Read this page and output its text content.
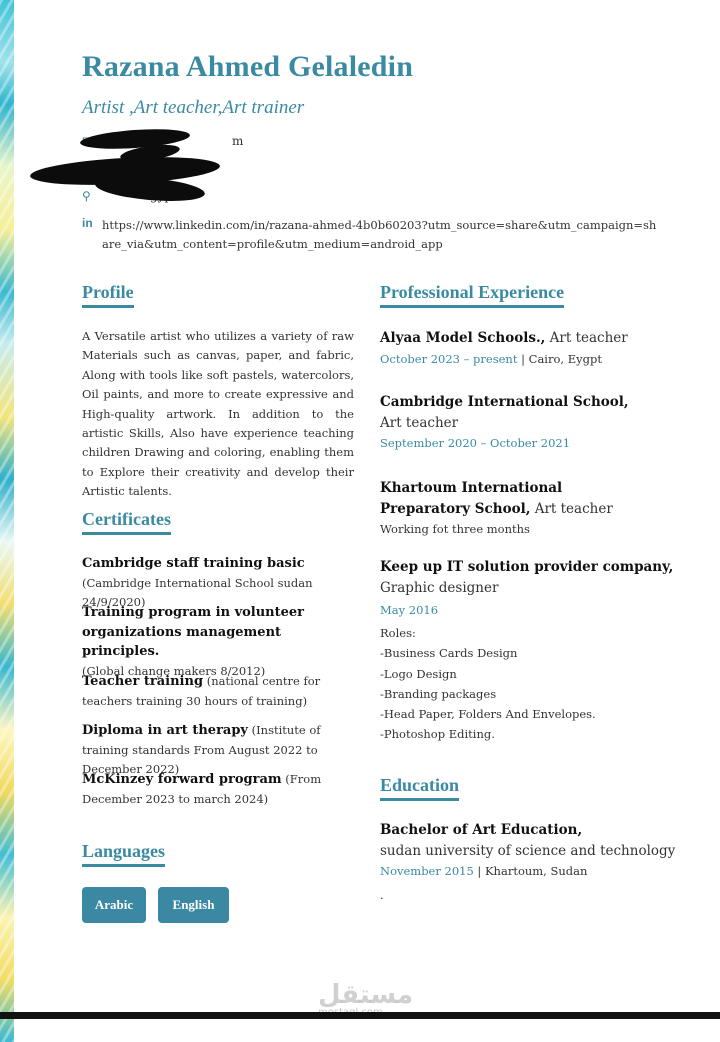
Razana Ahmed Gelaledin
Artist ,Art teacher,Art trainer
m
⚲
in https://www.linkedin.com/in/razana-ahmed-4b0b60203?utm_source=share&utm_campaign=share_via&utm_content=profile&utm_medium=android_app
Profile
A Versatile artist who utilizes a variety of raw Materials such as canvas, paper, and fabric, Along with tools like soft pastels, watercolors, Oil paints, and more to create expressive and High-quality artwork. In addition to the artistic Skills, Also have experience teaching children Drawing and coloring, enabling them to Explore their creativity and develop their Artistic talents.
Certificates
Cambridge staff training basic (Cambridge International School sudan 24/9/2020)
Training program in volunteer organizations management principles.
(Global change makers 8/2012)
Teacher training (national centre for teachers training 30 hours of training)
Diploma in art therapy (Institute of training standards From August 2022 to December 2022)
McKinzey forward program (From December 2023 to march 2024)
Languages
Arabic	English
Professional Experience
Alyaa Model Schools., Art teacher
October 2023 – present | Cairo, Eygpt
Cambridge International School,
Art teacher
September 2020 – October 2021
Khartoum International Preparatory School, Art teacher
Working fot three months
Keep up IT solution provider company,
Graphic designer
May 2016
Roles:
-Business Cards Design
-Logo Design
-Branding packages
-Head Paper, Folders And Envelopes.
-Photoshop Editing.
Education
Bachelor of Art Education,
sudan university of science and technology
November 2015 | Khartoum, Sudan
.
مستقل
